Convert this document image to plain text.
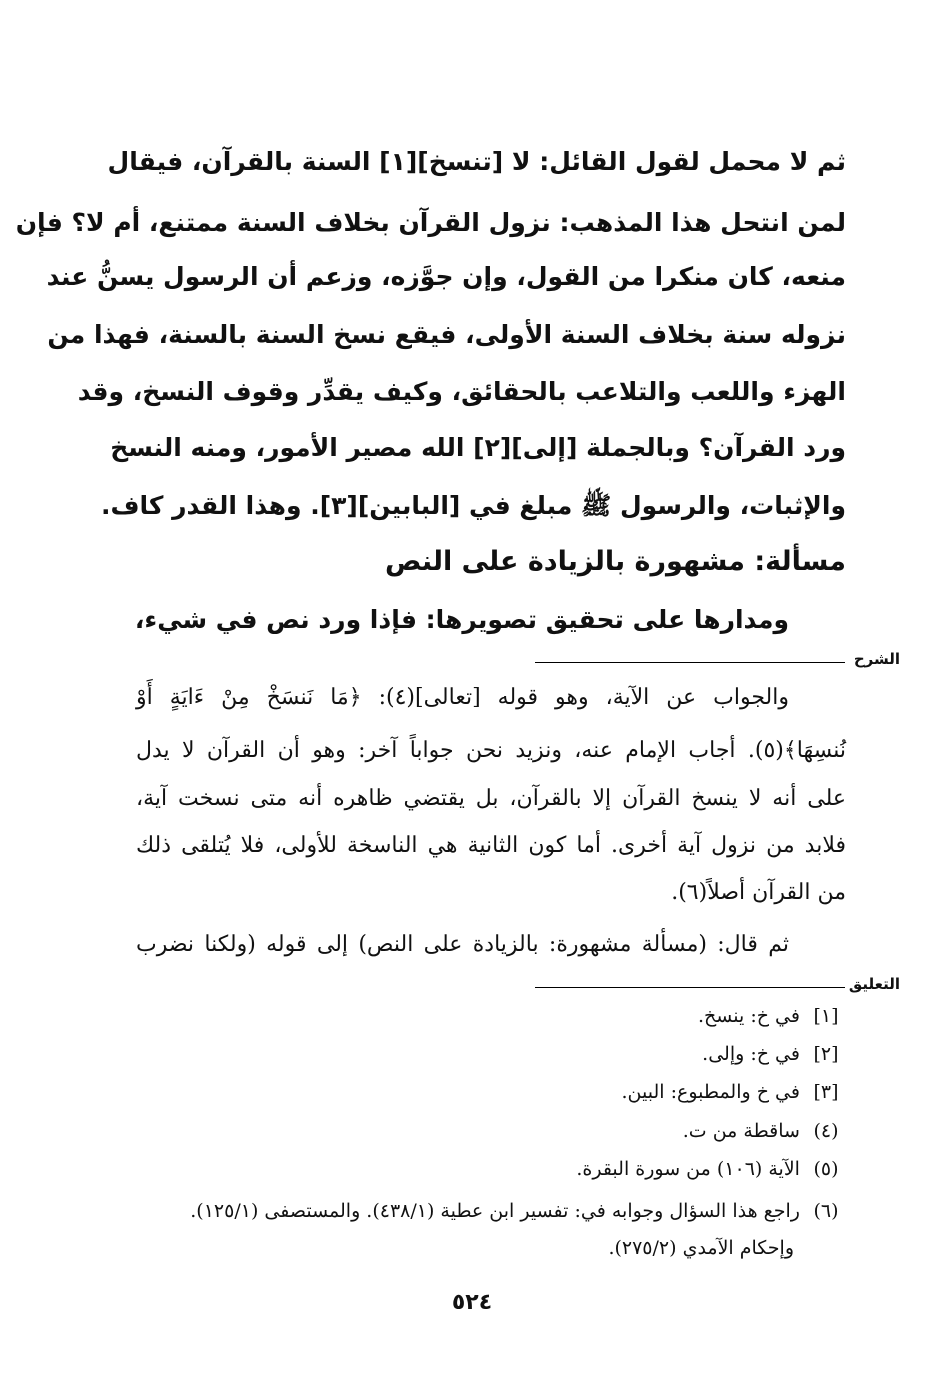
ثم لا محمل لقول القائل: لا [تنسخ][١] السنة بالقرآن، فيقال
لمن انتحل هذا المذهب: نزول القرآن بخلاف السنة ممتنع، أم لا؟ فإن
منعه، كان منكرا من القول، وإن جوَّزه، وزعم أن الرسول يسنُّ عند
نزوله سنة بخلاف السنة الأولى، فيقع نسخ السنة بالسنة، فهذا من
الهزء واللعب والتلاعب بالحقائق، وكيف يقدِّر وقوف النسخ، وقد
ورد القرآن؟ وبالجملة [إلى][٢] الله مصير الأمور، ومنه النسخ
والإثبات، والرسول ﷺ مبلغ في [البابين][٣]. وهذا القدر كاف.
مسألة: مشهورة بالزيادة على النص
ومدارها على تحقيق تصويرها: فإذا ورد نص في شيء،
الشرح
والجواب عن الآية، وهو قوله [تعالى](٤): ﴿مَا نَنسَخْ مِنْ ءَايَةٍ أَوْ
نُنسِهَا﴾(٥). أجاب الإمام عنه، ونزيد نحن جواباً آخر: وهو أن القرآن لا يدل
على أنه لا ينسخ القرآن إلا بالقرآن، بل يقتضي ظاهره أنه متى نسخت آية،
فلابد من نزول آية أخرى. أما كون الثانية هي الناسخة للأولى، فلا يُتلقى ذلك
من القرآن أصلاً(٦).
ثم قال: (مسألة مشهورة: بالزيادة على النص) إلى قوله (ولكنا نضرب
التعليق
[١] في خ: ينسخ.
[٢] في خ: وإلى.
[٣] في خ والمطبوع: البين.
(٤) ساقطة من ت.
(٥) الآية (١٠٦) من سورة البقرة.
(٦) راجع هذا السؤال وجوابه في: تفسير ابن عطية (٤٣٨/١). والمستصفى (١٢٥/١).
وإحكام الآمدي (٢٧٥/٢).
٥٢٤
